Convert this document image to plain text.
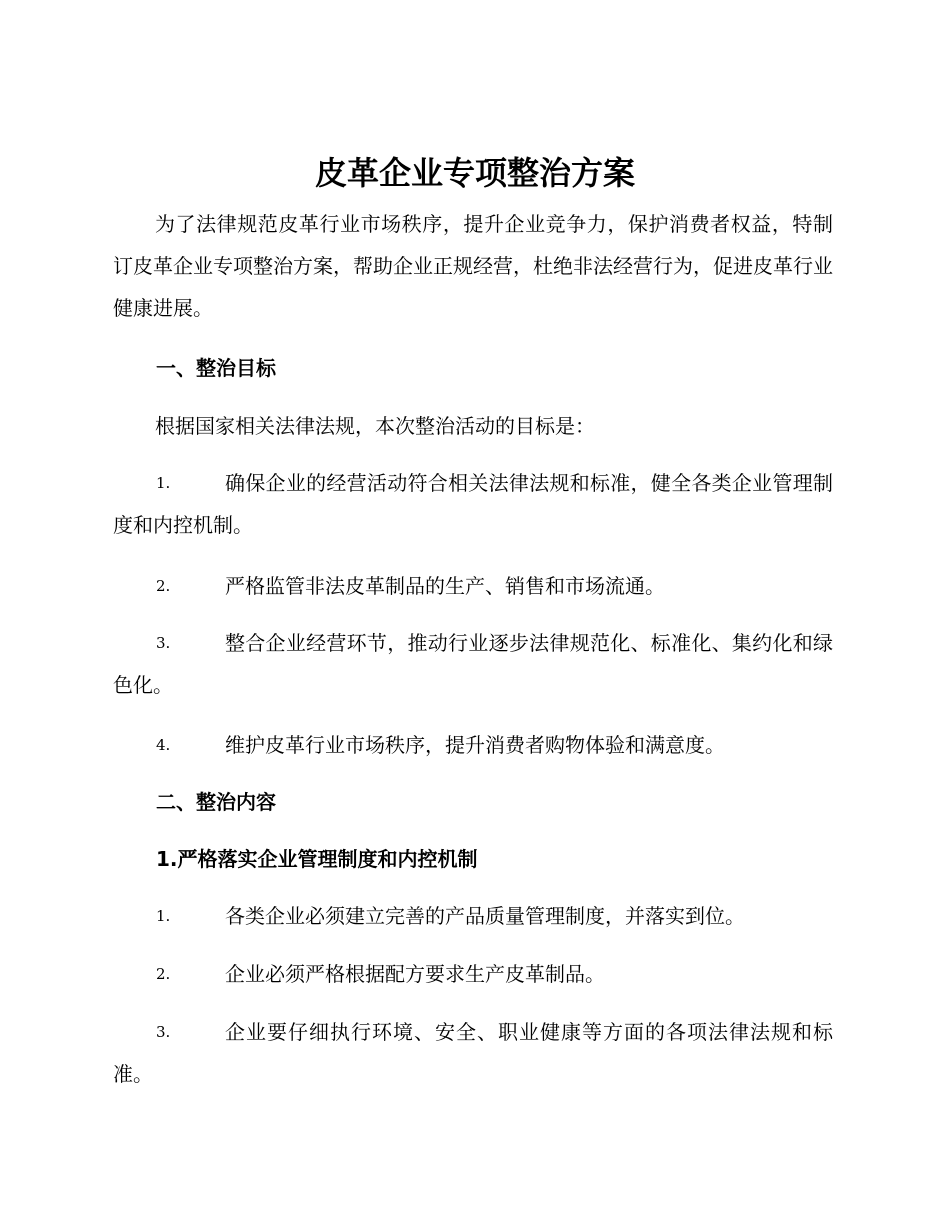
皮革企业专项整治方案
为了法律规范皮革行业市场秩序，提升企业竞争力，保护消费者权益，特制订皮革企业专项整治方案，帮助企业正规经营，杜绝非法经营行为，促进皮革行业健康进展。
一、整治目标
根据国家相关法律法规，本次整治活动的目标是：
1.	确保企业的经营活动符合相关法律法规和标准，健全各类企业管理制度和内控机制。
2.	严格监管非法皮革制品的生产、销售和市场流通。
3.	整合企业经营环节，推动行业逐步法律规范化、标准化、集约化和绿色化。
4.	维护皮革行业市场秩序，提升消费者购物体验和满意度。
二、整治内容
1.严格落实企业管理制度和内控机制
1.	各类企业必须建立完善的产品质量管理制度，并落实到位。
2.	企业必须严格根据配方要求生产皮革制品。
3.	企业要仔细执行环境、安全、职业健康等方面的各项法律法规和标准。
